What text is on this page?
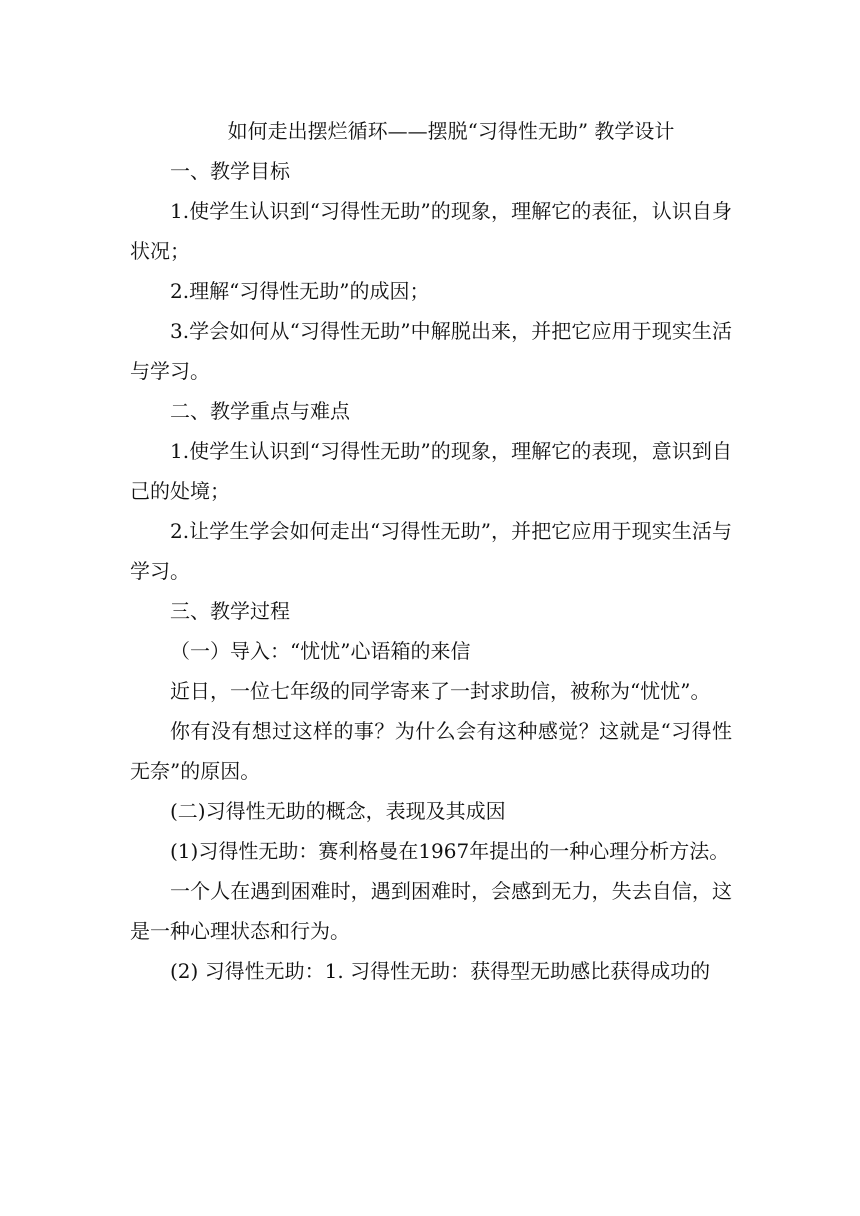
如何走出摆烂循环——摆脱“习得性无助” 教学设计

一、教学目标

1.使学生认识到“习得性无助”的现象，理解它的表征，认识自身状况；

2.理解“习得性无助”的成因；

3.学会如何从“习得性无助”中解脱出来，并把它应用于现实生活与学习。

二、教学重点与难点

1.使学生认识到“习得性无助”的现象，理解它的表现，意识到自己的处境；

2.让学生学会如何走出“习得性无助”，并把它应用于现实生活与学习。

三、教学过程

（一）导入：“忧忧”心语箱的来信

近日，一位七年级的同学寄来了一封求助信，被称为“忧忧”。

你有没有想过这样的事？为什么会有这种感觉？这就是“习得性无奈”的原因。

(二)习得性无助的概念，表现及其成因

(1)习得性无助：赛利格曼在1967年提出的一种心理分析方法。

一个人在遇到困难时，遇到困难时，会感到无力，失去自信，这是一种心理状态和行为。

(2) 习得性无助：1. 习得性无助：获得型无助感比获得成功的
